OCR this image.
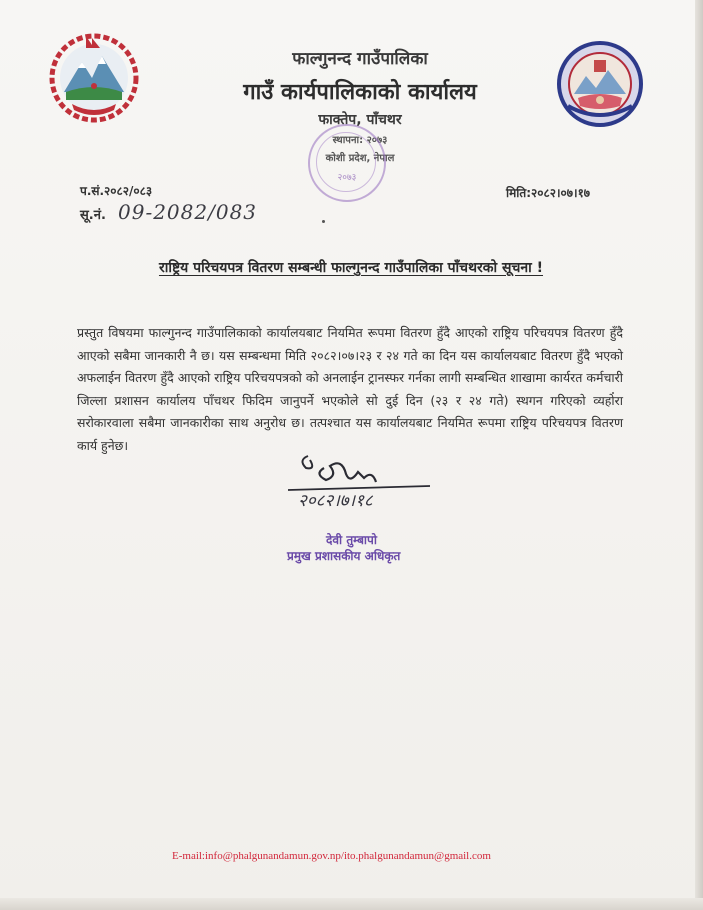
फाल्गुनन्द गाउँपालिका
गाउँ कार्यपालिकाको कार्यालय
फाक्तेप, पाँचथर
स्थापना: २०७३
कोशी प्रदेश, नेपाल
२०७३
प.सं.२०८२/०८३	मिति:२०८२।०७।१७
सू.नं. 09-2082/083
राष्ट्रिय परिचयपत्र वितरण सम्बन्धी फाल्गुनन्द गाउँपालिका पाँचथरको सूचना !
प्रस्तुत विषयमा फाल्गुनन्द गाउँपालिकाको कार्यालयबाट नियमित रूपमा वितरण हुँदै आएको राष्ट्रिय परिचयपत्र वितरण हुँदै आएको सबैमा जानकारी नै छ। यस सम्बन्धमा मिति २०८२।०७।२३ र २४ गते का दिन यस कार्यालयबाट वितरण हुँदै भएको अफलाईन वितरण हुँदै आएको राष्ट्रिय परिचयपत्रको को अनलाईन ट्रानस्फर गर्नका लागी सम्बन्धित शाखामा कार्यरत कर्मचारी जिल्ला प्रशासन कार्यालय पाँचथर फिदिम जानुपर्ने भएकोले सो दुई दिन (२३ र २४ गते) स्थगन गरिएको व्यहोरा सरोकारवाला सबैमा जानकारीका साथ अनुरोध छ। तत्पश्चात यस कार्यालयबाट नियमित रूपमा राष्ट्रिय परिचयपत्र वितरण कार्य हुनेछ।
२०८२।७।१८
देवी तुम्बापो
प्रमुख प्रशासकीय अधिकृत
E-mail:info@phalgunandamun.gov.np/ito.phalgunandamun@gmail.com
